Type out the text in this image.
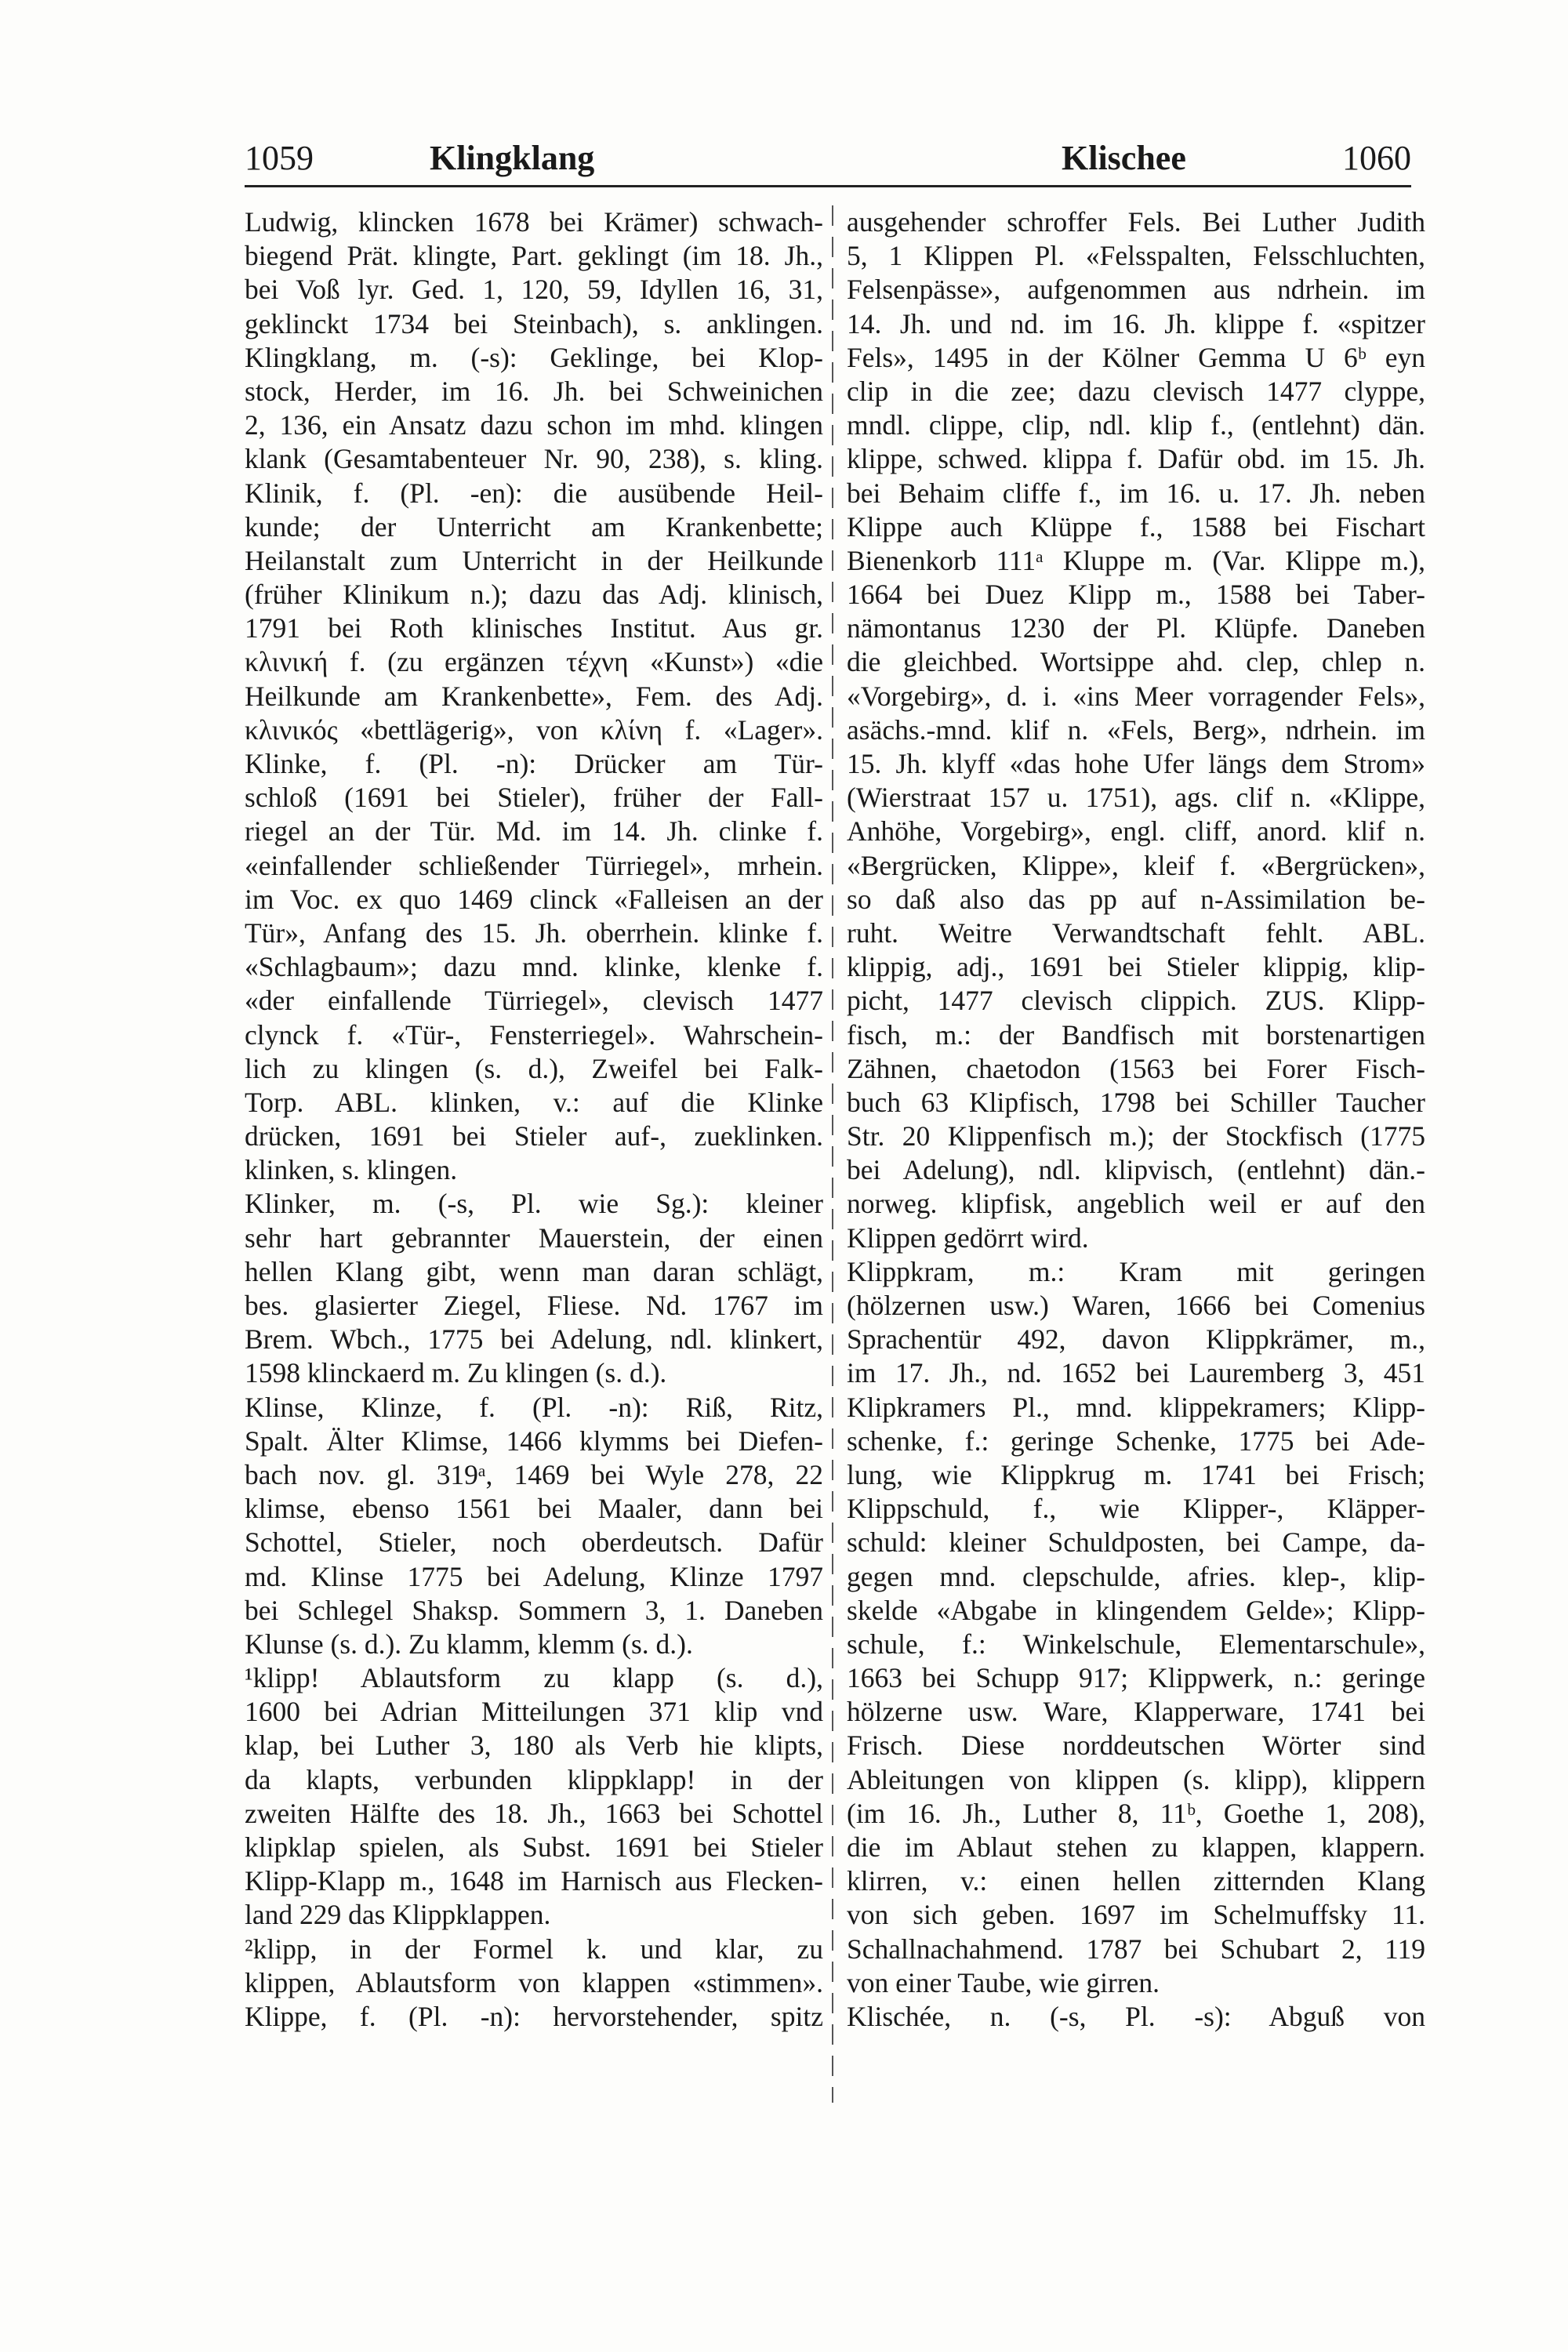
1059	Klingklang	Klischee	1060
Ludwig, klincken 1678 bei Krämer) schwach-
biegend Prät. klingte, Part. geklingt (im 18. Jh.,
bei Voß lyr. Ged. 1, 120, 59, Idyllen 16, 31,
geklinckt 1734 bei Steinbach), s. anklingen.
Klingklang, m. (-s): Geklinge, bei Klop-
stock, Herder, im 16. Jh. bei Schweinichen
2, 136, ein Ansatz dazu schon im mhd. klingen
klank (Gesamtabenteuer Nr. 90, 238), s. kling.
Klinik, f. (Pl. -en): die ausübende Heil-
kunde; der Unterricht am Krankenbette;
Heilanstalt zum Unterricht in der Heilkunde
(früher Klinikum n.); dazu das Adj. klinisch,
1791 bei Roth klinisches Institut. Aus gr.
κλινική f. (zu ergänzen τέχνη «Kunst») «die
Heilkunde am Krankenbette», Fem. des Adj.
κλινικός «bettlägerig», von κλίνη f. «Lager».
Klinke, f. (Pl. -n): Drücker am Tür-
schloß (1691 bei Stieler), früher der Fall-
riegel an der Tür. Md. im 14. Jh. clinke f.
«einfallender schließender Türriegel», mrhein.
im Voc. ex quo 1469 clinck «Falleisen an der
Tür», Anfang des 15. Jh. oberrhein. klinke f.
«Schlagbaum»; dazu mnd. klinke, klenke f.
«der einfallende Türriegel», clevisch 1477
clynck f. «Tür-, Fensterriegel». Wahrschein-
lich zu klingen (s. d.), Zweifel bei Falk-
Torp. ABL. klinken, v.: auf die Klinke
drücken, 1691 bei Stieler auf-, zueklinken.
klinken, s. klingen.
Klinker, m. (-s, Pl. wie Sg.): kleiner
sehr hart gebrannter Mauerstein, der einen
hellen Klang gibt, wenn man daran schlägt,
bes. glasierter Ziegel, Fliese. Nd. 1767 im
Brem. Wbch., 1775 bei Adelung, ndl. klinkert,
1598 klinckaerd m. Zu klingen (s. d.).
Klinse, Klinze, f. (Pl. -n): Riß, Ritz,
Spalt. Älter Klimse, 1466 klymms bei Diefen-
bach nov. gl. 319ᵃ, 1469 bei Wyle 278, 22
klimse, ebenso 1561 bei Maaler, dann bei
Schottel, Stieler, noch oberdeutsch. Dafür
md. Klinse 1775 bei Adelung, Klinze 1797
bei Schlegel Shaksp. Sommern 3, 1. Daneben
Klunse (s. d.). Zu klamm, klemm (s. d.).
¹klipp! Ablautsform zu klapp (s. d.),
1600 bei Adrian Mitteilungen 371 klip vnd
klap, bei Luther 3, 180 als Verb hie klipts,
da klapts, verbunden klippklapp! in der
zweiten Hälfte des 18. Jh., 1663 bei Schottel
klipklap spielen, als Subst. 1691 bei Stieler
Klipp-Klapp m., 1648 im Harnisch aus Flecken-
land 229 das Klippklappen.
²klipp, in der Formel k. und klar, zu
klippen, Ablautsform von klappen «stimmen».
Klippe, f. (Pl. -n): hervorstehender, spitz
ausgehender schroffer Fels. Bei Luther Judith
5, 1 Klippen Pl. «Felsspalten, Felsschluchten,
Felsenpässe», aufgenommen aus ndrhein. im
14. Jh. und nd. im 16. Jh. klippe f. «spitzer
Fels», 1495 in der Kölner Gemma U 6ᵇ eyn
clip in die zee; dazu clevisch 1477 clyppe,
mndl. clippe, clip, ndl. klip f., (entlehnt) dän.
klippe, schwed. klippa f. Dafür obd. im 15. Jh.
bei Behaim cliffe f., im 16. u. 17. Jh. neben
Klippe auch Klüppe f., 1588 bei Fischart
Bienenkorb 111ᵃ Kluppe m. (Var. Klippe m.),
1664 bei Duez Klipp m., 1588 bei Taber-
nämontanus 1230 der Pl. Klüpfe. Daneben
die gleichbed. Wortsippe ahd. clep, chlep n.
«Vorgebirg», d. i. «ins Meer vorragender Fels»,
asächs.-mnd. klif n. «Fels, Berg», ndrhein. im
15. Jh. klyff «das hohe Ufer längs dem Strom»
(Wierstraat 157 u. 1751), ags. clif n. «Klippe,
Anhöhe, Vorgebirg», engl. cliff, anord. klif n.
«Bergrücken, Klippe», kleif f. «Bergrücken»,
so daß also das pp auf n-Assimilation be-
ruht. Weitre Verwandtschaft fehlt. ABL.
klippig, adj., 1691 bei Stieler klippig, klip-
picht, 1477 clevisch clippich. ZUS. Klipp-
fisch, m.: der Bandfisch mit borstenartigen
Zähnen, chaetodon (1563 bei Forer Fisch-
buch 63 Klipfisch, 1798 bei Schiller Taucher
Str. 20 Klippenfisch m.); der Stockfisch (1775
bei Adelung), ndl. klipvisch, (entlehnt) dän.-
norweg. klipfisk, angeblich weil er auf den
Klippen gedörrt wird.
Klippkram, m.: Kram mit geringen
(hölzernen usw.) Waren, 1666 bei Comenius
Sprachentür 492, davon Klippkrämer, m.,
im 17. Jh., nd. 1652 bei Lauremberg 3, 451
Klipkramers Pl., mnd. klippekramers; Klipp-
schenke, f.: geringe Schenke, 1775 bei Ade-
lung, wie Klippkrug m. 1741 bei Frisch;
Klippschuld, f., wie Klipper-, Kläpper-
schuld: kleiner Schuldposten, bei Campe, da-
gegen mnd. clepschulde, afries. klep-, klip-
skelde «Abgabe in klingendem Gelde»; Klipp-
schule, f.: Winkelschule, Elementarschule»,
1663 bei Schupp 917; Klippwerk, n.: geringe
hölzerne usw. Ware, Klapperware, 1741 bei
Frisch. Diese norddeutschen Wörter sind
Ableitungen von klippen (s. klipp), klippern
(im 16. Jh., Luther 8, 11ᵇ, Goethe 1, 208),
die im Ablaut stehen zu klappen, klappern.
klirren, v.: einen hellen zitternden Klang
von sich geben. 1697 im Schelmuffsky 11.
Schallnachahmend. 1787 bei Schubart 2, 119
von einer Taube, wie girren.
Klischée, n. (-s, Pl. -s): Abguß von
